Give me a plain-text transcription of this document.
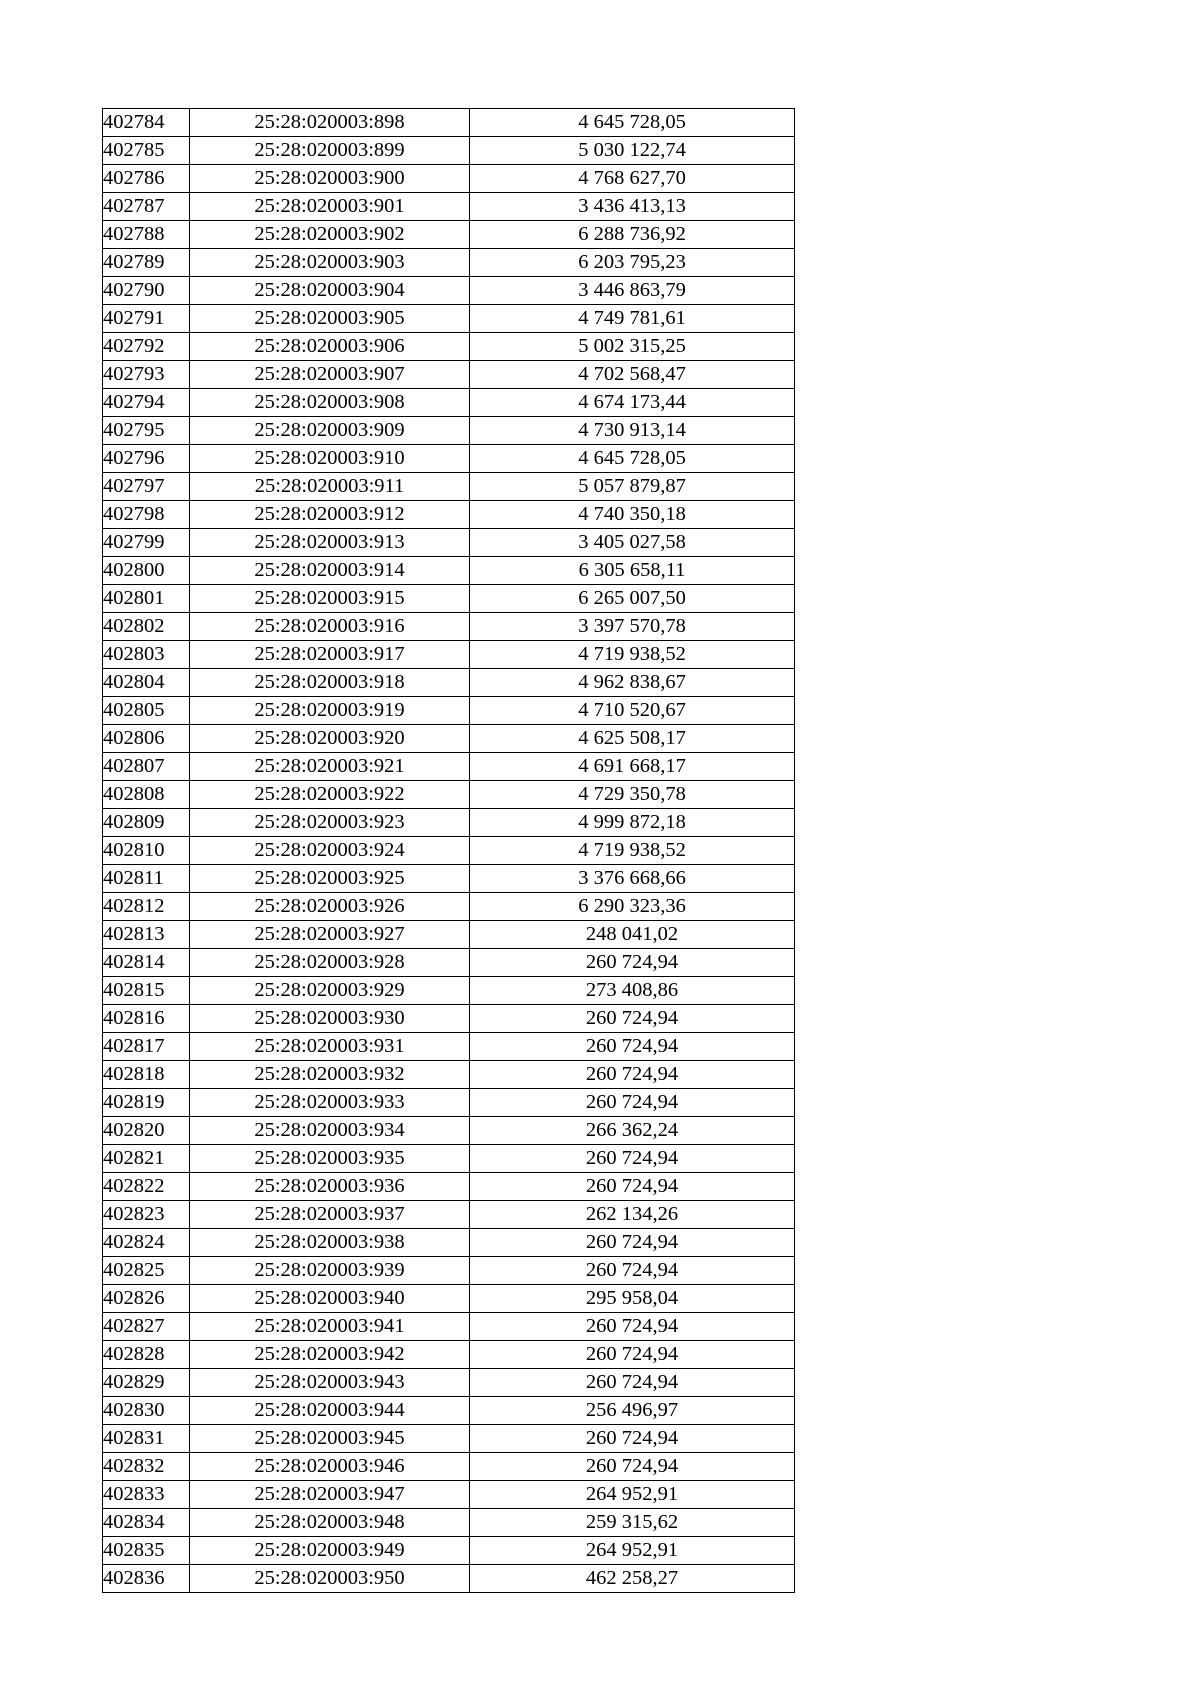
402784	25:28:020003:898	4 645 728,05
402785	25:28:020003:899	5 030 122,74
402786	25:28:020003:900	4 768 627,70
402787	25:28:020003:901	3 436 413,13
402788	25:28:020003:902	6 288 736,92
402789	25:28:020003:903	6 203 795,23
402790	25:28:020003:904	3 446 863,79
402791	25:28:020003:905	4 749 781,61
402792	25:28:020003:906	5 002 315,25
402793	25:28:020003:907	4 702 568,47
402794	25:28:020003:908	4 674 173,44
402795	25:28:020003:909	4 730 913,14
402796	25:28:020003:910	4 645 728,05
402797	25:28:020003:911	5 057 879,87
402798	25:28:020003:912	4 740 350,18
402799	25:28:020003:913	3 405 027,58
402800	25:28:020003:914	6 305 658,11
402801	25:28:020003:915	6 265 007,50
402802	25:28:020003:916	3 397 570,78
402803	25:28:020003:917	4 719 938,52
402804	25:28:020003:918	4 962 838,67
402805	25:28:020003:919	4 710 520,67
402806	25:28:020003:920	4 625 508,17
402807	25:28:020003:921	4 691 668,17
402808	25:28:020003:922	4 729 350,78
402809	25:28:020003:923	4 999 872,18
402810	25:28:020003:924	4 719 938,52
402811	25:28:020003:925	3 376 668,66
402812	25:28:020003:926	6 290 323,36
402813	25:28:020003:927	248 041,02
402814	25:28:020003:928	260 724,94
402815	25:28:020003:929	273 408,86
402816	25:28:020003:930	260 724,94
402817	25:28:020003:931	260 724,94
402818	25:28:020003:932	260 724,94
402819	25:28:020003:933	260 724,94
402820	25:28:020003:934	266 362,24
402821	25:28:020003:935	260 724,94
402822	25:28:020003:936	260 724,94
402823	25:28:020003:937	262 134,26
402824	25:28:020003:938	260 724,94
402825	25:28:020003:939	260 724,94
402826	25:28:020003:940	295 958,04
402827	25:28:020003:941	260 724,94
402828	25:28:020003:942	260 724,94
402829	25:28:020003:943	260 724,94
402830	25:28:020003:944	256 496,97
402831	25:28:020003:945	260 724,94
402832	25:28:020003:946	260 724,94
402833	25:28:020003:947	264 952,91
402834	25:28:020003:948	259 315,62
402835	25:28:020003:949	264 952,91
402836	25:28:020003:950	462 258,27
